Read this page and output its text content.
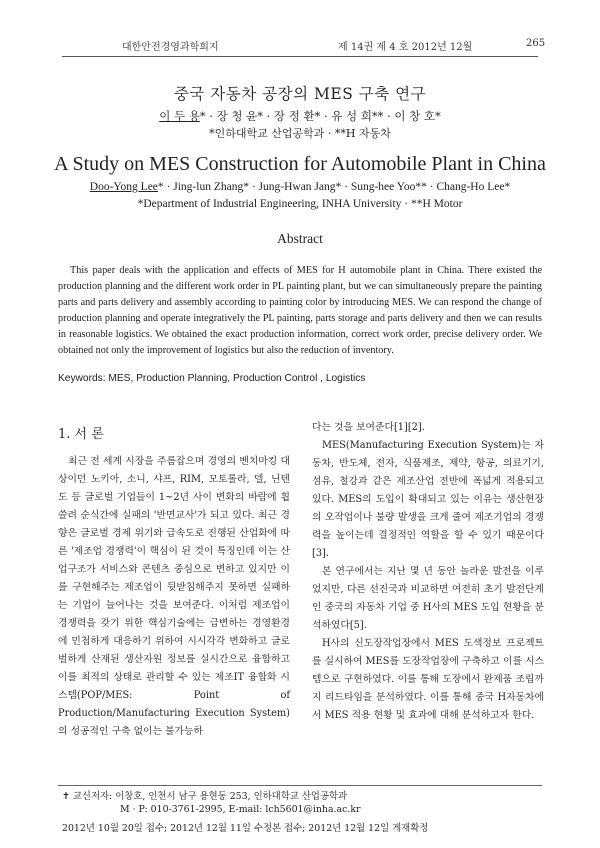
대한안전경영과학회지	제 14권 제 4 호 2012년 12월	265
중국 자동차 공장의 MES 구축 연구
이 두 용* · 장 청 윤* · 장 정 환* · 유 성 희** · 이 창 호*
*인하대학교 산업공학과 · **H 자동차
A Study on MES Construction for Automobile Plant in China
Doo-Yong Lee* · Jing-lun Zhang* · Jung-Hwan Jang* · Sung-hee Yoo** · Chang-Ho Lee*
*Department of Industrial Engineering, INHA University · **H Motor
Abstract
This paper deals with the application and effects of MES for H automobile plant in China. There existed the production planning and the different work order in PL painting plant, but we can simultaneously prepare the painting parts and parts delivery and assembly according to painting color by introducing MES. We can respond the change of production planning and operate integratively the PL painting, parts storage and parts delivery and then we can results in reasonable logistics. We obtained the exact production information, correct work order, precise delivery order. We obtained not only the improvement of logistics but also the reduction of inventory.
Keywords: MES, Production Planning, Production Control , Logistics
1. 서 론
최근 전 세계 시장을 주름잡으며 경영의 벤치마킹 대상이던 노키아, 소니, 샤프, RIM, 모토롤라, 델, 닌텐도 등 글로벌 기업들이 1~2년 사이 변화의 바람에 휩쓸려 순식간에 실패의 '반면교사'가 되고 있다. 최근 경향은 글로벌 경제 위기와 급속도로 진행된 산업화에 따른 '제조업 경쟁력'이 핵심이 된 것이 특징인데 이는 산업구조가 서비스와 콘텐츠 중심으로 변하고 있지만 이를 구현해주는 제조업이 뒷받침해주지 못하면 실패하는 기업이 늘어나는 것을 보여준다. 이처럼 제조업이 경쟁력을 갖기 위한 핵심기술에는 급변하는 경영환경에 민첩하게 대응하기 위하여 시시각각 변화하고 글로벌하게 산재된 생산자원 정보를 실시간으로 융합하고 이를 최적의 상태로 관리할 수 있는 제조IT 융합화 시스템(POP/MES: Point of Production/Manufacturing Execution System)의 성공적인 구축 없이는 불가능하

다는 것을 보여준다[1][2].

MES(Manufacturing Execution System)는 자동차, 반도체, 전자, 식품제조, 제약, 항공, 의료기기, 섬유, 철강과 같은 제조산업 전반에 폭넓게 적용되고 있다. MES의 도입이 확대되고 있는 이유는 생산현장의 오작업이나 불량 발생을 크게 줄여 제조기업의 경쟁력을 높이는데 결정적인 역할을 할 수 있기 때문이다[3].

본 연구에서는 지난 몇 년 동안 놀라운 발전을 이루었지만, 다른 선진국과 비교하면 여전히 초기 발전단계인 중국의 자동차 기업 중 H사의 MES 도입 현황을 분석하였다[5].

H사의 신도장작업장에서 MES 도색정보 프로젝트를 실시하여 MES를 도장작업장에 구축하고 이를 시스템으로 구현하였다. 이를 통해 도장에서 완제품 조립까지 리드타임을 분석하였다. 이를 통해 중국 H자동차에서 MES 적용 현황 및 효과에 대해 분석하고자 한다.

✝ 교신저자: 이창호, 인천시 남구 용현동 253, 인하대학교 산업공학과
M · P: 010-3761-2995, E-mail: lch5601@inha.ac.kr
2012년 10월 20일 접수; 2012년 12월 11일 수정본 접수; 2012년 12월 12일 게재확정
